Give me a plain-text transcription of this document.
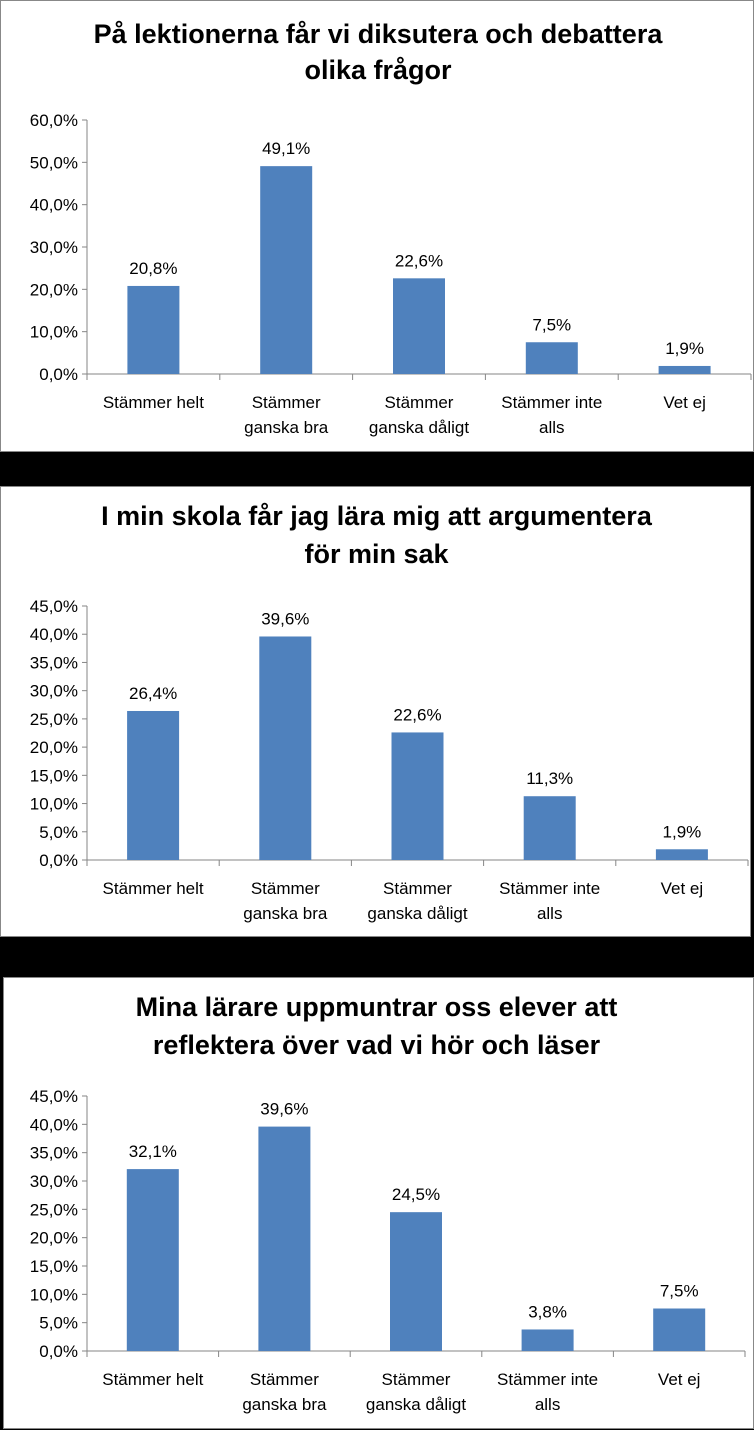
På lektionerna får vi diksutera och debattera
olika frågor
0,0%
10,0%
20,0%
30,0%
40,0%
50,0%
60,0%
20,8%
Stämmer helt
49,1%
Stämmer
ganska bra
22,6%
Stämmer
ganska dåligt
7,5%
Stämmer inte
alls
1,9%
Vet ej
I min skola får jag lära mig att argumentera
för min sak
0,0%
5,0%
10,0%
15,0%
20,0%
25,0%
30,0%
35,0%
40,0%
45,0%
26,4%
Stämmer helt
39,6%
Stämmer
ganska bra
22,6%
Stämmer
ganska dåligt
11,3%
Stämmer inte
alls
1,9%
Vet ej
Mina lärare uppmuntrar oss elever att
reflektera över vad vi hör och läser
0,0%
5,0%
10,0%
15,0%
20,0%
25,0%
30,0%
35,0%
40,0%
45,0%
32,1%
Stämmer helt
39,6%
Stämmer
ganska bra
24,5%
Stämmer
ganska dåligt
3,8%
Stämmer inte
alls
7,5%
Vet ej
